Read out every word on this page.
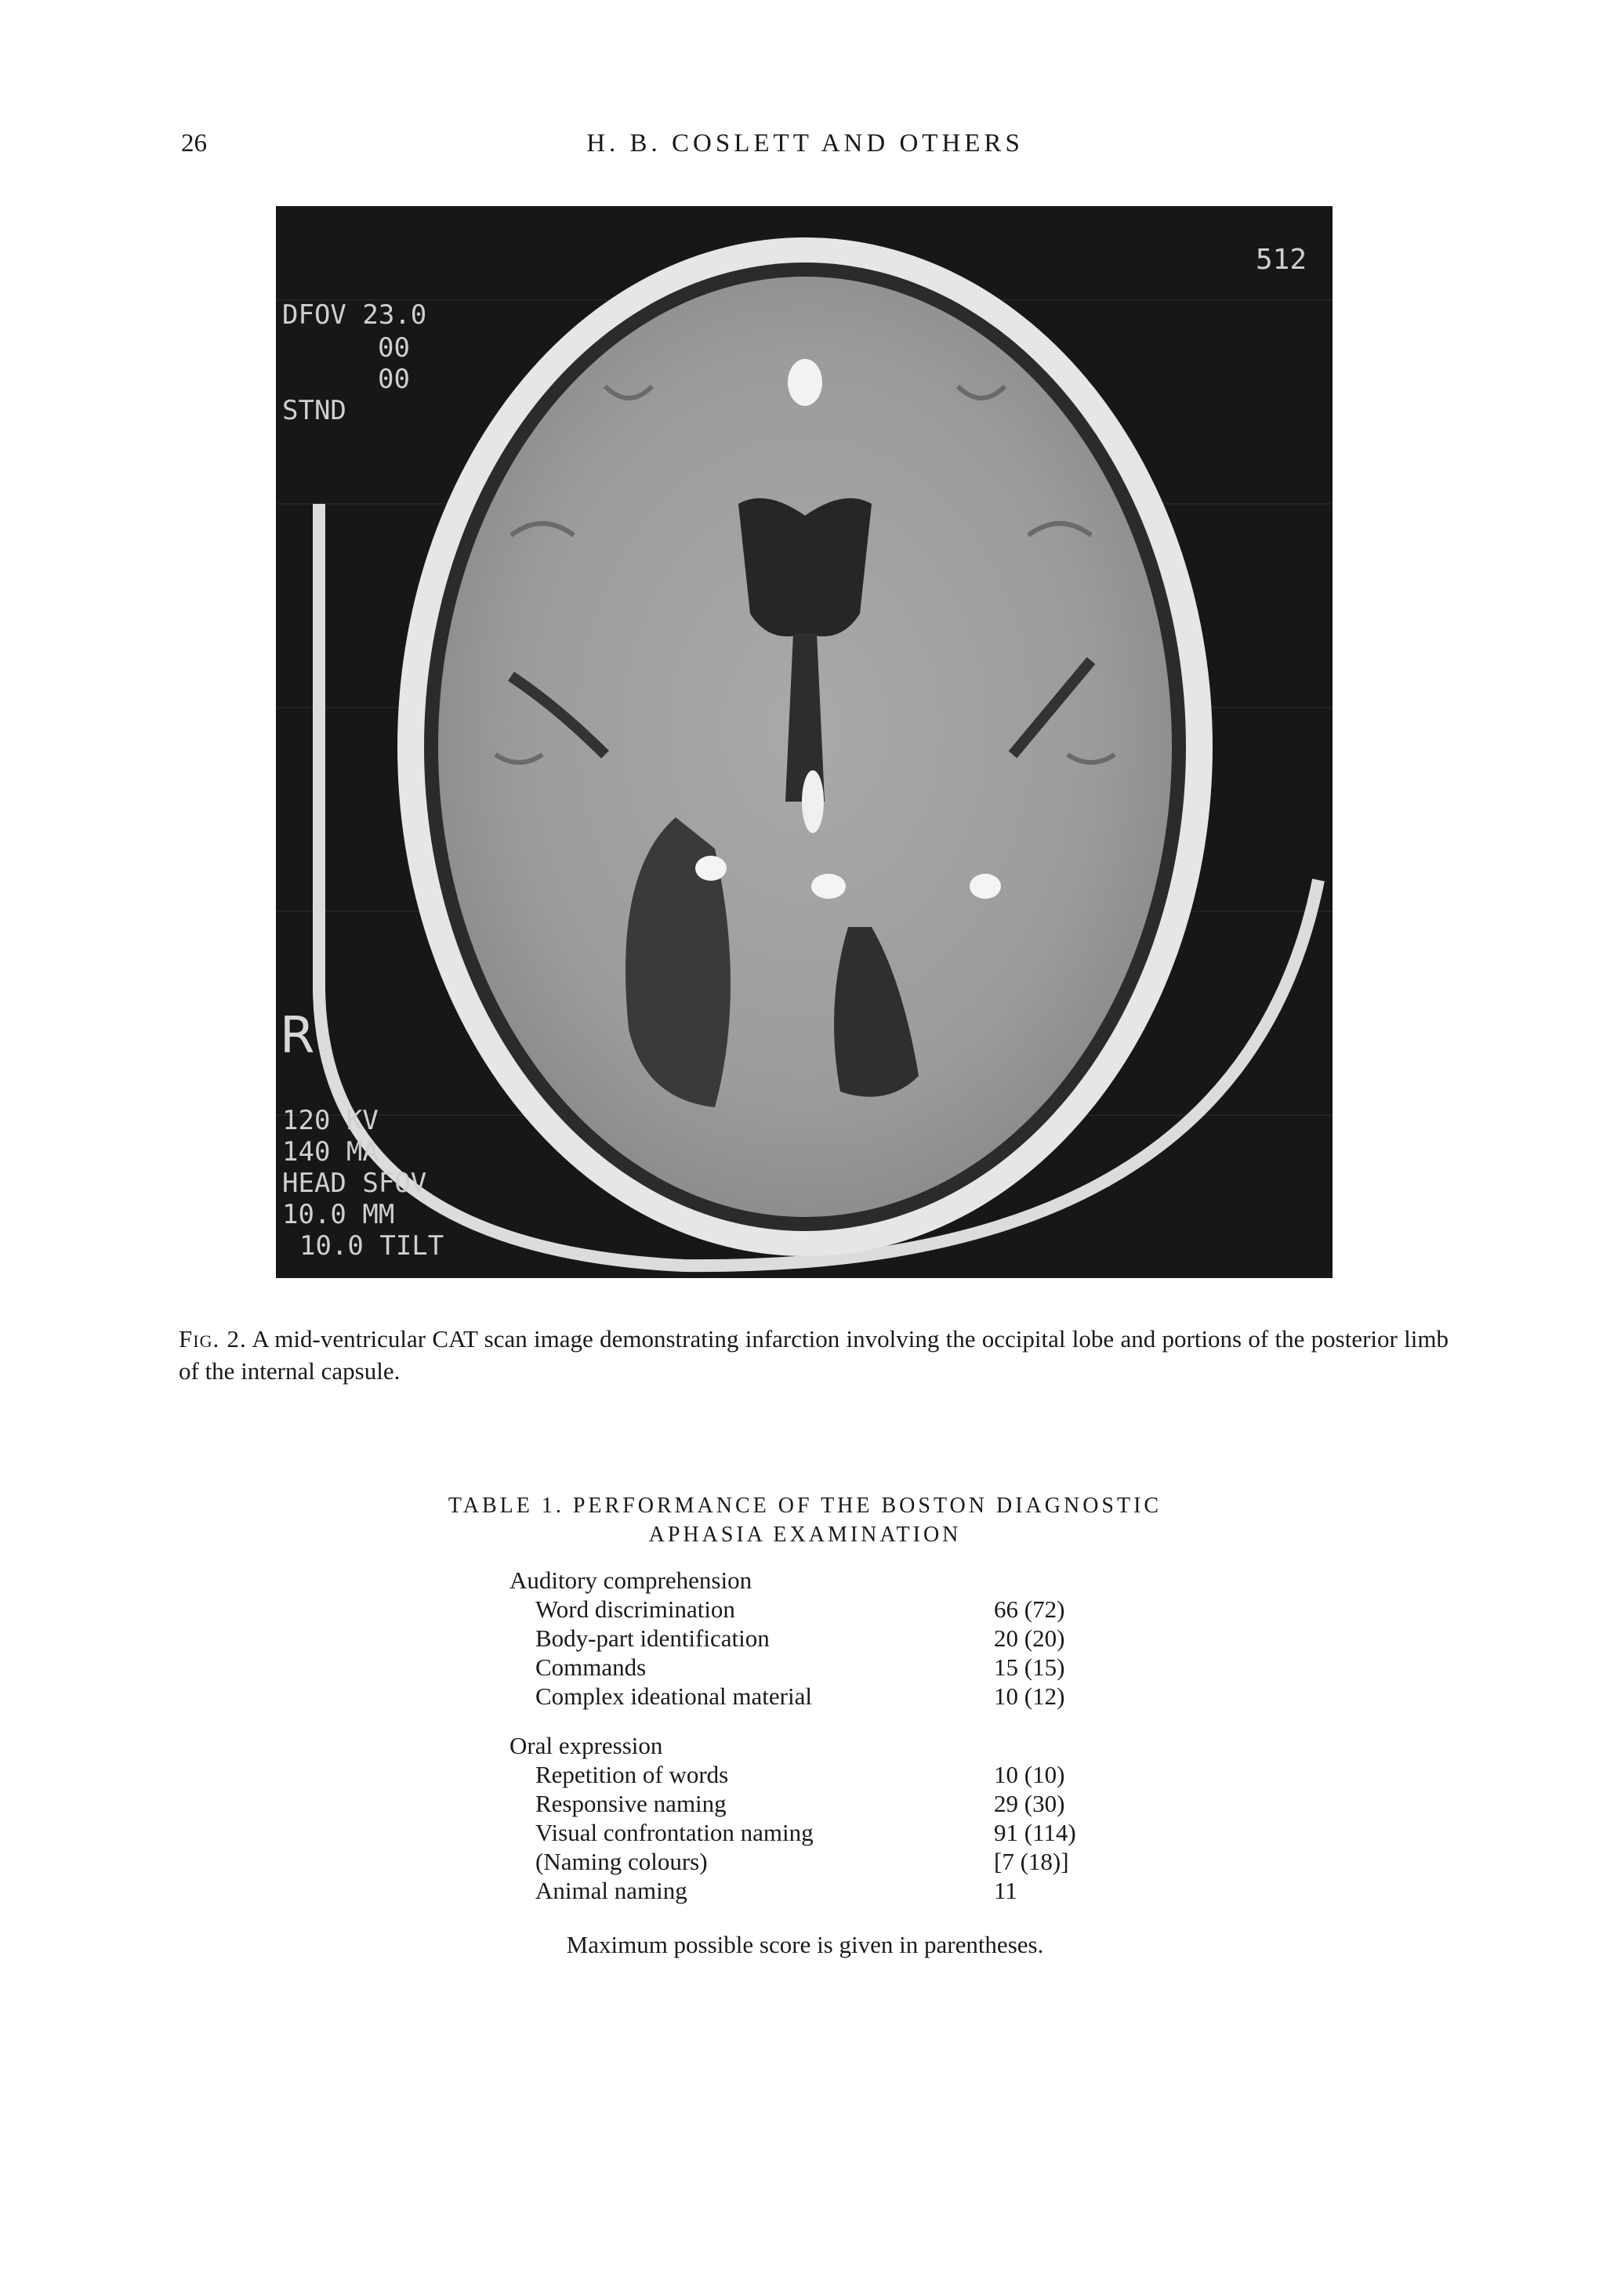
26	H. B. COSLETT AND OTHERS
512
DFOV 23.0
00
00
STND
R
120 KV
140 MA
HEAD SFOV
10.0 MM
10.0 TILT
Fig. 2. A mid-ventricular CAT scan image demonstrating infarction involving the occipital lobe and portions of the posterior limb of the internal capsule.
TABLE 1. PERFORMANCE OF THE BOSTON DIAGNOSTIC
APHASIA EXAMINATION
Auditory comprehension
Word discrimination	66 (72)
Body-part identification	20 (20)
Commands	15 (15)
Complex ideational material	10 (12)
Oral expression
Repetition of words	10 (10)
Responsive naming	29 (30)
Visual confrontation naming	91 (114)
(Naming colours)	[7 (18)]
Animal naming	11
Maximum possible score is given in parentheses.
